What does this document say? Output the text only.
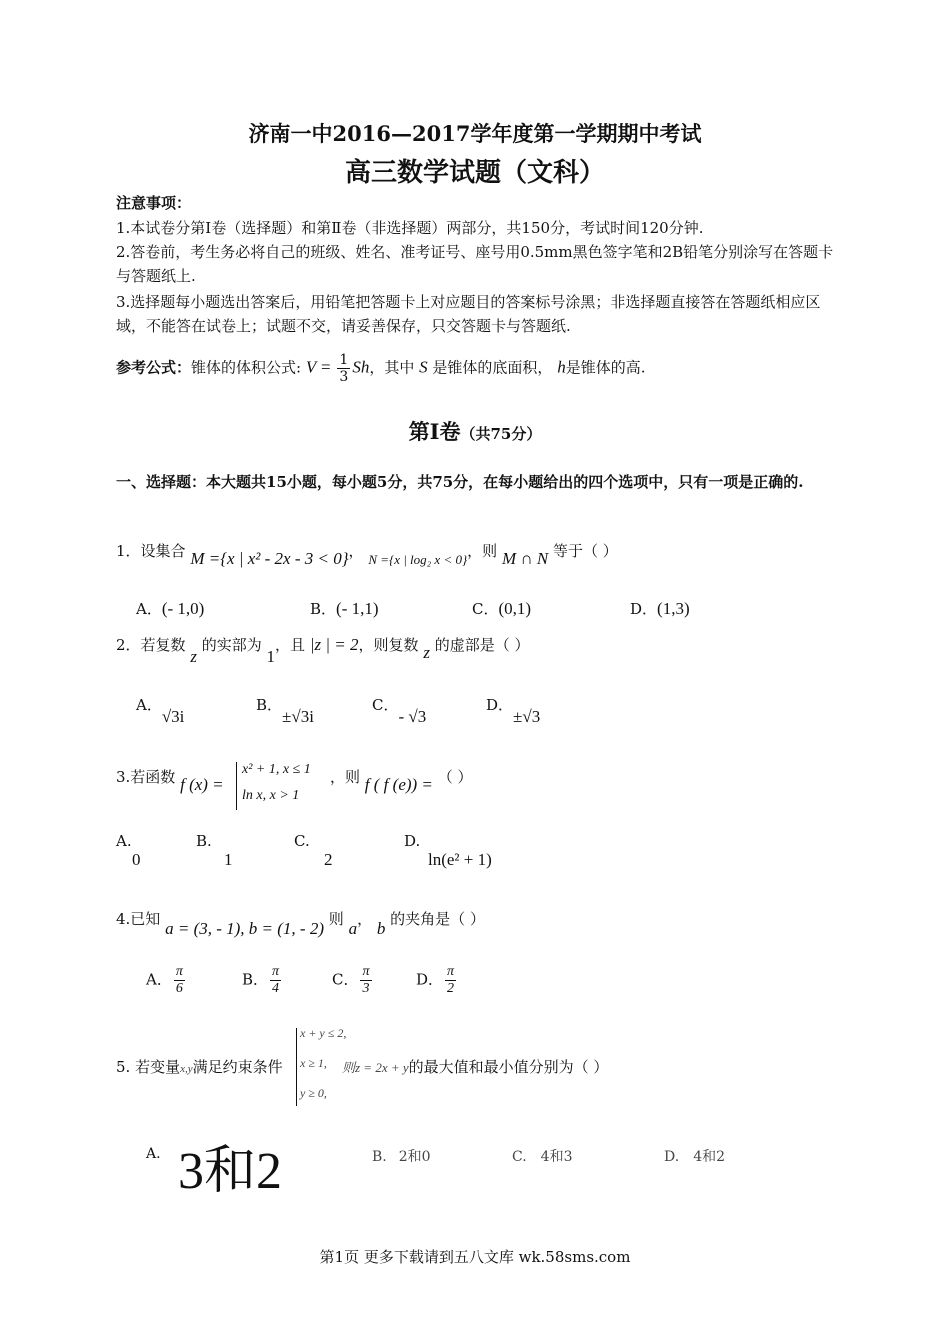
济南一中2016—2017学年度第一学期期中考试
高三数学试题（文科）
注意事项：
1.本试卷分第Ⅰ卷（选择题）和第Ⅱ卷（非选择题）两部分，共150分，考试时间120分钟.
2.答卷前，考生务必将自己的班级、姓名、准考证号、座号用0.5mm黑色签字笔和2B铅笔分别涂写在答题卡与答题纸上.
3.选择题每小题选出答案后，用铅笔把答题卡上对应题目的答案标号涂黑；非选择题直接答在答题纸相应区域，不能答在试卷上；试题不交，请妥善保存，只交答题卡与答题纸.
参考公式：锥体的体积公式: $V = \frac{1}{3}$ Sh，其中 S 是锥体的底面积， h是锥体的高.
第Ⅰ卷（共75分）
一、选择题：本大题共15小题，每小题5分，共75分，在每小题给出的四个选项中，只有一项是正确的.
1．设集合 M ={x | x² - 2x - 3 < 0}， N ={x | log₂ x < 0}，则 M ∩ N 等于（ ）
A．(- 1,0)	B．(- 1,1)	C．(0,1)	D．(1,3)
2．若复数 z 的实部为 1，且 |z | = 2，则复数 z 的虚部是（ ）
A．√3i
B．±√3i
C．- √3
D．±√3
3.若函数 f (x) =
x² + 1, x ≤ 1
ln x, x > 1
，则 f ( f (e)) = （ ）
A.
0
B.
1
C.
2
D.
ln(e² + 1)
4.已知 a = (3, - 1), b = (1, - 2) 则 a， b 的夹角是（ ）
A． $\frac{\pi}{6}$	B． $\frac{\pi}{4}$	C． $\frac{\pi}{3}$	D． $\frac{\pi}{2}$
x + y ≤ 2,
x ≥ 1,
y ≥ 0,
5. 若变量x,y满足约束条件	则z = 2x + y的最大值和最小值分别为（ ）
A. 3和2	B. 2和0	C. 4和3	D. 4和2
第1页 更多下载请到五八文库 wk.58sms.com
